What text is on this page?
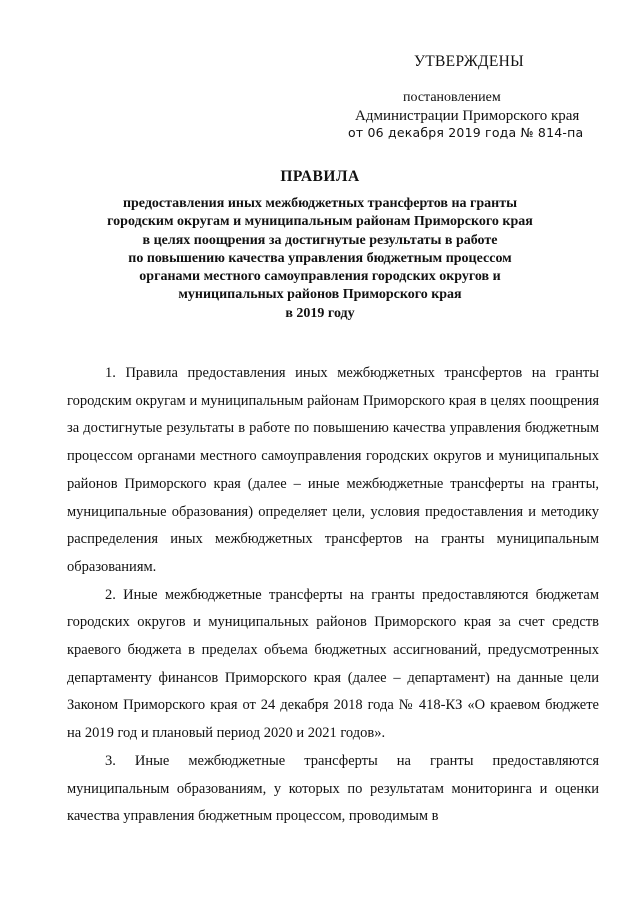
УТВЕРЖДЕНЫ
постановлением
Администрации Приморского края
от 06 декабря 2019 года № 814-па
ПРАВИЛА
предоставления иных межбюджетных трансфертов на гранты
городским округам и муниципальным районам Приморского края
в целях поощрения за достигнутые результаты в работе
по повышению качества управления бюджетным процессом
органами местного самоуправления городских округов и
муниципальных районов Приморского края
в 2019 году

1. Правила предоставления иных межбюджетных трансфертов на гранты городским округам и муниципальным районам Приморского края в целях поощрения за достигнутые результаты в работе по повышению качества управления бюджетным процессом органами местного самоуправления городских округов и муниципальных районов Приморского края (далее – иные межбюджетные трансферты на гранты, муниципальные образования) определяет цели, условия предоставления и методику распределения иных межбюджетных трансфертов на гранты муниципальным образованиям.

2. Иные межбюджетные трансферты на гранты предоставляются бюджетам городских округов и муниципальных районов Приморского края за счет средств краевого бюджета в пределах объема бюджетных ассигнований, предусмотренных департаменту финансов Приморского края (далее – департамент) на данные цели Законом Приморского края от 24 декабря 2018 года № 418-КЗ «О краевом бюджете на 2019 год и плановый период 2020 и 2021 годов».

3. Иные межбюджетные трансферты на гранты предоставляются муниципальным образованиям, у которых по результатам мониторинга и оценки качества управления бюджетным процессом, проводимым в
